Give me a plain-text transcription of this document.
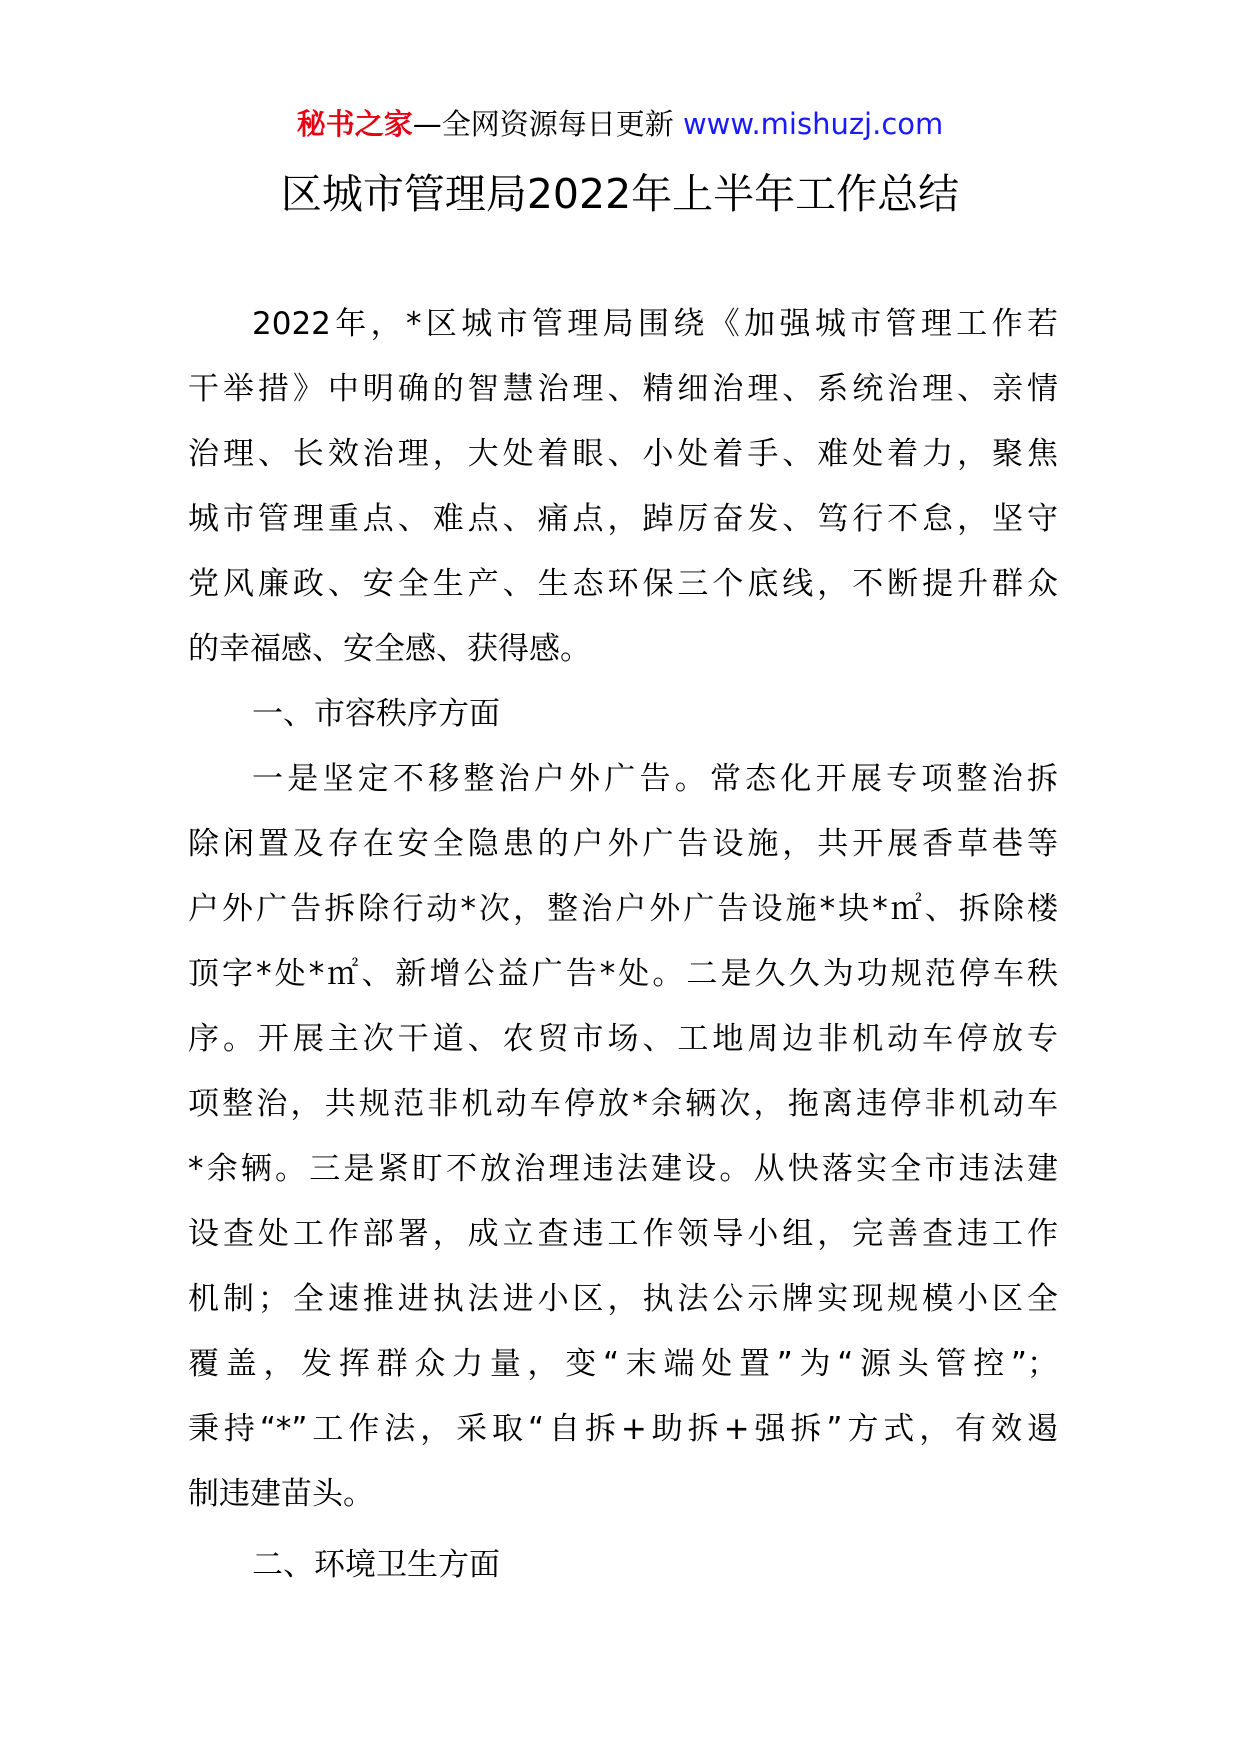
秘书之家—全网资源每日更新 www.mishuzj.com
区城市管理局2022年上半年工作总结
2022年，*区城市管理局围绕《加强城市管理工作若
干举措》中明确的智慧治理、精细治理、系统治理、亲情
治理、长效治理，大处着眼、小处着手、难处着力，聚焦
城市管理重点、难点、痛点，踔厉奋发、笃行不怠，坚守
党风廉政、安全生产、生态环保三个底线，不断提升群众
的幸福感、安全感、获得感。
一、市容秩序方面
一是坚定不移整治户外广告。常态化开展专项整治拆
除闲置及存在安全隐患的户外广告设施，共开展香草巷等
户外广告拆除行动*次，整治户外广告设施*块*㎡、拆除楼
顶字*处*㎡、新增公益广告*处。二是久久为功规范停车秩
序。开展主次干道、农贸市场、工地周边非机动车停放专
项整治，共规范非机动车停放*余辆次，拖离违停非机动车
*余辆。三是紧盯不放治理违法建设。从快落实全市违法建
设查处工作部署，成立查违工作领导小组，完善查违工作
机制；全速推进执法进小区，执法公示牌实现规模小区全
覆盖，发挥群众力量，变“末端处置”为“源头管控”；
秉持“*”工作法，采取“自拆+助拆+强拆”方式，有效遏
制违建苗头。
二、环境卫生方面
